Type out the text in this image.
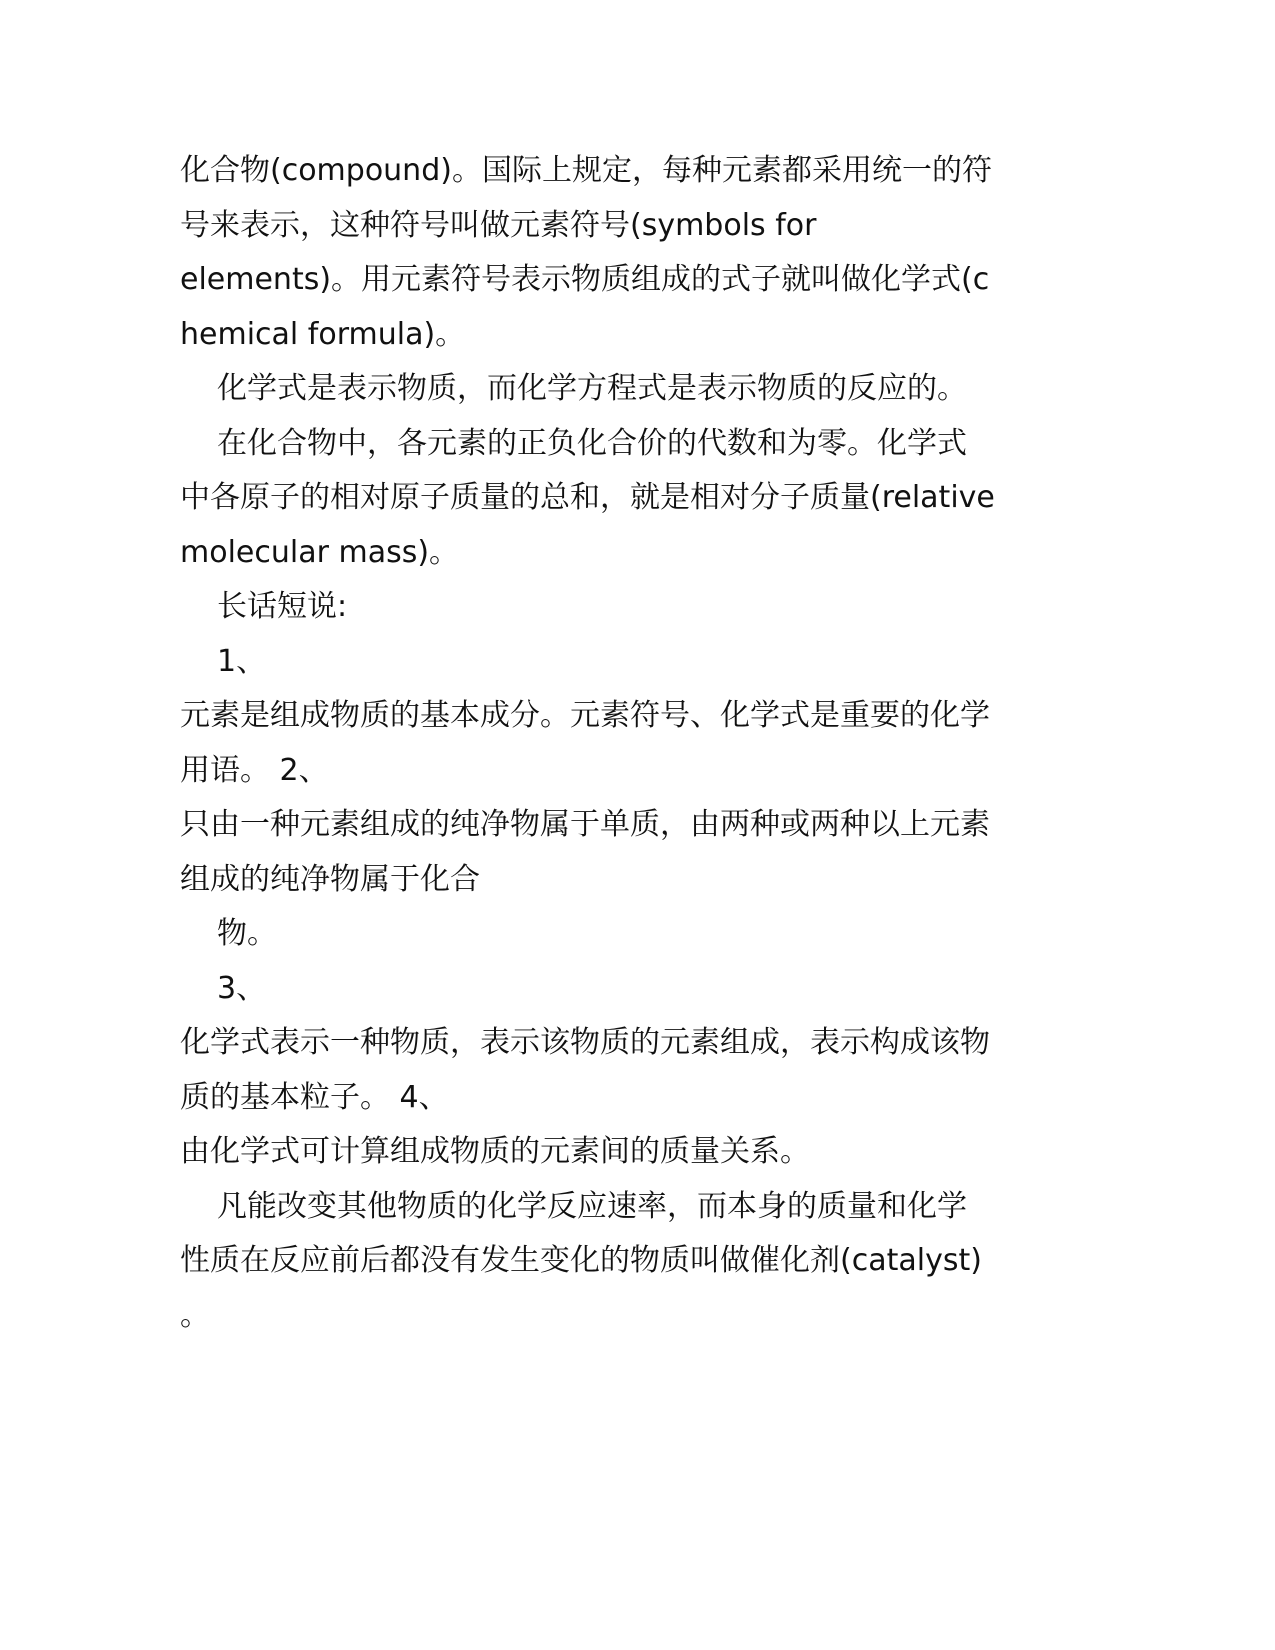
化合物(compound)。国际上规定，每种元素都采用统一的符
号来表示，这种符号叫做元素符号(symbols for
elements)。用元素符号表示物质组成的式子就叫做化学式(c
hemical formula)。
化学式是表示物质，而化学方程式是表示物质的反应的。
在化合物中，各元素的正负化合价的代数和为零。化学式
中各原子的相对原子质量的总和，就是相对分子质量(relative
molecular mass)。
长话短说:
1、
元素是组成物质的基本成分。元素符号、化学式是重要的化学
用语。 2、
只由一种元素组成的纯净物属于单质，由两种或两种以上元素
组成的纯净物属于化合
物。
3、
化学式表示一种物质，表示该物质的元素组成，表示构成该物
质的基本粒子。 4、
由化学式可计算组成物质的元素间的质量关系。
凡能改变其他物质的化学反应速率，而本身的质量和化学
性质在反应前后都没有发生变化的物质叫做催化剂(catalyst)
。
